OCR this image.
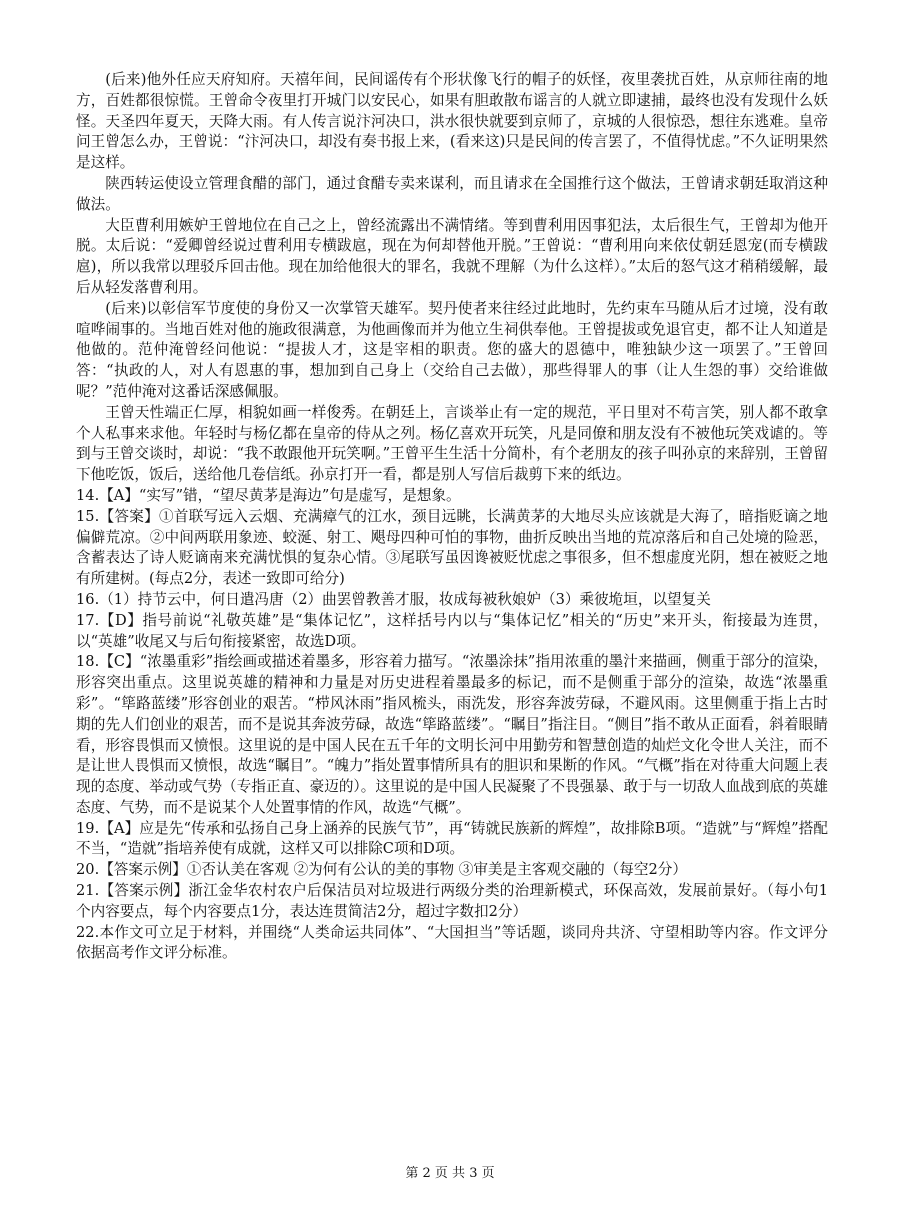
(后来)他外任应天府知府。天禧年间，民间谣传有个形状像飞行的帽子的妖怪，夜里袭扰百姓，从京师往南的地方，百姓都很惊慌。王曾命令夜里打开城门以安民心，如果有胆敢散布谣言的人就立即逮捕，最终也没有发现什么妖怪。天圣四年夏天，天降大雨。有人传言说汴河决口，洪水很快就要到京师了，京城的人很惊恐，想往东逃难。皇帝问王曾怎么办，王曾说：“汴河决口，却没有奏书报上来，(看来这)只是民间的传言罢了，不值得忧虑。”不久证明果然是这样。

陕西转运使设立管理食醋的部门，通过食醋专卖来谋利，而且请求在全国推行这个做法，王曾请求朝廷取消这种做法。

大臣曹利用嫉妒王曾地位在自己之上，曾经流露出不满情绪。等到曹利用因事犯法，太后很生气，王曾却为他开脱。太后说：“爱卿曾经说过曹利用专横跋扈，现在为何却替他开脱。”王曾说：“曹利用向来依仗朝廷恩宠(而专横跋扈)，所以我常以理驳斥回击他。现在加给他很大的罪名，我就不理解（为什么这样）。”太后的怒气这才稍稍缓解，最后从轻发落曹利用。

(后来)以彰信军节度使的身份又一次掌管天雄军。契丹使者来往经过此地时，先约束车马随从后才过境，没有敢喧哗闹事的。当地百姓对他的施政很满意，为他画像而并为他立生祠供奉他。王曾提拔或免退官吏，都不让人知道是他做的。范仲淹曾经问他说：“提拔人才，这是宰相的职责。您的盛大的恩德中，唯独缺少这一项罢了。”王曾回答：“执政的人，对人有恩惠的事，想加到自己身上（交给自己去做），那些得罪人的事（让人生怨的事）交给谁做呢？”范仲淹对这番话深感佩服。

王曾天性端正仁厚，相貌如画一样俊秀。在朝廷上，言谈举止有一定的规范，平日里对不苟言笑，别人都不敢拿个人私事来求他。年轻时与杨亿都在皇帝的侍从之列。杨亿喜欢开玩笑，凡是同僚和朋友没有不被他玩笑戏谑的。等到与王曾交谈时，却说：“我不敢跟他开玩笑啊。”王曾平生生活十分简朴，有个老朋友的孩子叫孙京的来辞别，王曾留下他吃饭，饭后，送给他几卷信纸。孙京打开一看，都是别人写信后裁剪下来的纸边。

14.【A】“实写”错，“望尽黄茅是海边”句是虚写，是想象。

15.【答案】①首联写远入云烟、充满瘴气的江水，颈目远眺，长满黄茅的大地尽头应该就是大海了，暗指贬谪之地偏僻荒凉。②中间两联用象迹、蛟涎、射工、飓母四种可怕的事物，曲折反映出当地的荒凉落后和自己处境的险恶，含蓄表达了诗人贬谪南来充满忧惧的复杂心情。③尾联写虽因谗被贬忧虑之事很多，但不想虚度光阴，想在被贬之地有所建树。(每点2分，表述一致即可给分)

16.（1）持节云中，何日遣冯唐（2）曲罢曾教善才服，妆成每被秋娘妒（3）乘彼垝垣，以望复关

17.【D】指号前说“礼敬英雄”是“集体记忆”，这样括号内以与“集体记忆”相关的“历史”来开头，衔接最为连贯，以“英雄”收尾又与后句衔接紧密，故选D项。

18.【C】“浓墨重彩”指绘画或描述着墨多，形容着力描写。“浓墨涂抹”指用浓重的墨汁来描画，侧重于部分的渲染，形容突出重点。这里说英雄的精神和力量是对历史进程着墨最多的标记，而不是侧重于部分的渲染，故选“浓墨重彩”。“筚路蓝缕”形容创业的艰苦。“栉风沐雨”指风梳头，雨洗发，形容奔波劳碌，不避风雨。这里侧重于指上古时期的先人们创业的艰苦，而不是说其奔波劳碌，故选“筚路蓝缕”。“瞩目”指注目。“侧目”指不敢从正面看，斜着眼睛看，形容畏惧而又愤恨。这里说的是中国人民在五千年的文明长河中用勤劳和智慧创造的灿烂文化令世人关注，而不是让世人畏惧而又愤恨，故选“瞩目”。“魄力”指处置事情所具有的胆识和果断的作风。“气概”指在对待重大问题上表现的态度、举动或气势（专指正直、豪迈的）。这里说的是中国人民凝聚了不畏强暴、敢于与一切敌人血战到底的英雄态度、气势，而不是说某个人处置事情的作风，故选“气概”。

19.【A】应是先“传承和弘扬自己身上涵养的民族气节”，再“铸就民族新的辉煌”，故排除B项。“造就”与“辉煌”搭配不当，“造就”指培养使有成就，这样又可以排除C项和D项。

20.【答案示例】①否认美在客观 ②为何有公认的美的事物 ③审美是主客观交融的（每空2分）

21.【答案示例】浙江金华农村农户后保洁员对垃圾进行两级分类的治理新模式，环保高效，发展前景好。（每小句1个内容要点，每个内容要点1分，表达连贯简洁2分，超过字数扣2分）

22.本作文可立足于材料，并围绕“人类命运共同体”、“大国担当”等话题，谈同舟共济、守望相助等内容。作文评分依据高考作文评分标准。

第 2 页 共 3 页
